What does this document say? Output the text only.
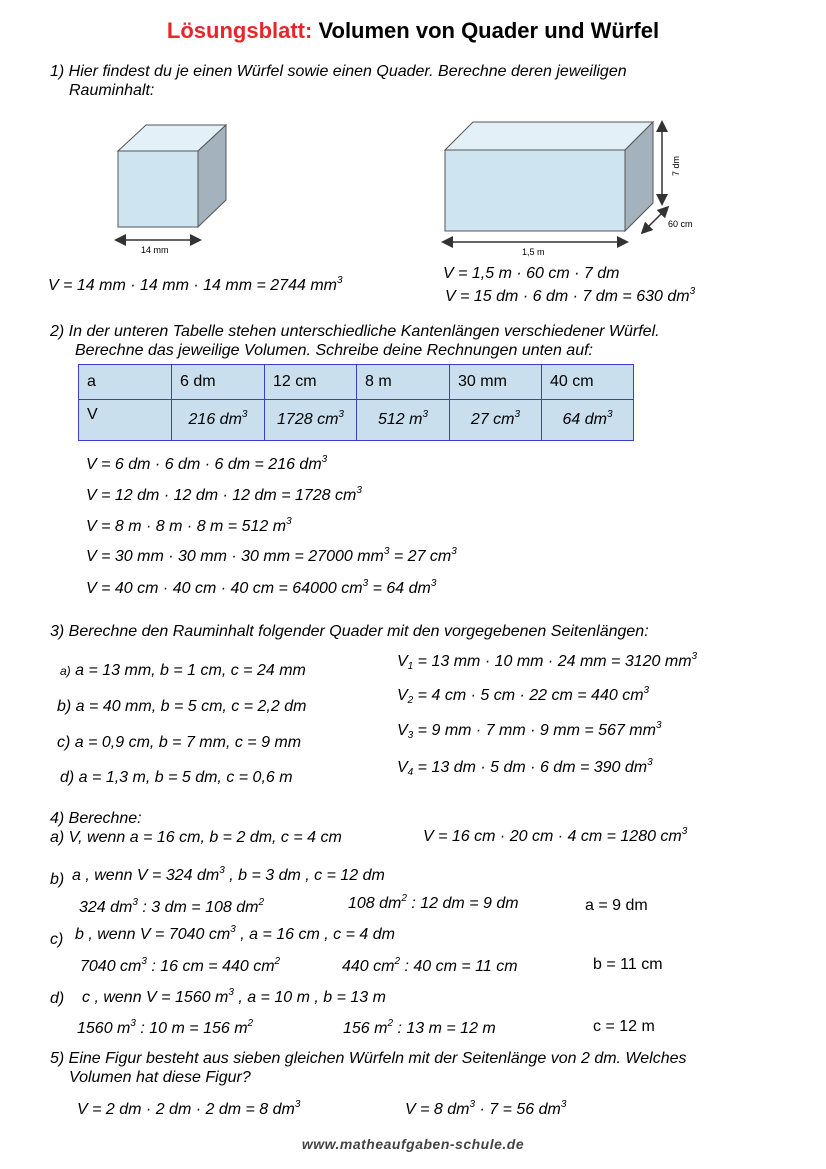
Lösungsblatt: Volumen von Quader und Würfel
1) Hier findest du je einen Würfel sowie einen Quader. Berechne deren jeweiligen
Rauminhalt:
14 mm	1,5 m
7 dm
60 cm
V = 14 mm · 14 mm · 14 mm = 2744 $mm^3$	V = 1,5 m · 60 cm · 7 dm
V = 15 dm · 6 dm · 7 dm = 630 $dm^3$
2) In der unteren Tabelle stehen unterschiedliche Kantenlängen verschiedener Würfel.
Berechne das jeweilige Volumen. Schreibe deine Rechnungen unten auf:
a	6 dm	12 cm	8 m	30 mm	40 cm
V	216 $dm^3$	1728 $cm^3$	512 $m^3$	27 $cm^3$	64 $dm^3$
V = 6 dm · 6 dm · 6 dm = 216 $dm^3$
V = 12 dm · 12 dm · 12 dm = 1728 $cm^3$
V = 8 m · 8 m · 8 m = 512 $m^3$
V = 30 mm · 30 mm · 30 mm = 27000 $mm^3 = 27$ $cm^3$
V = 40 cm · 40 cm · 40 cm = 64000 $cm^3 = 64$ $dm^3$
3) Berechne den Rauminhalt folgender Quader mit den vorgegebenen Seitenlängen:
a) a = 13 mm, b = 1 cm, c = 24 mm
b) a = 40 mm, b = 5 cm, c = 2,2 dm
c) a = 0,9 cm, b = 7 mm, c = 9 mm
d) a = 1,3 m, b = 5 dm, c = 0,6 m
$V_1 = 13$ mm · 10 mm · 24 mm = 3120 $mm^3$
$V_2 = 4$ cm · 5 cm · 22 cm = 440 $cm^3$
$V_3 = 9$ mm · 7 mm · 9 mm = 567 $mm^3$
$V_4 = 13$ dm · 5 dm · 6 dm = 390 $dm^3$
4) Berechne:
a) V, wenn a = 16 cm, b = 2 dm, c = 4 cm	V = 16 cm · 20 cm · 4 cm = 1280 $cm^3$
b) a , wenn V = 324 $dm^3$ , b = 3 dm , c = 12 dm
324 $dm^3$ : 3 dm = 108 $dm^2$	108 $dm^2$ : 12 dm = 9 dm	a = 9 dm
c) b , wenn V = 7040 $cm^3$ , a = 16 cm , c = 4 dm
7040 $cm^3$ : 16 cm = 440 $cm^2$	440 $cm^2$ : 40 cm = 11 cm	b = 11 cm
d) c , wenn V = 1560 $m^3$ , a = 10 m , b = 13 m
1560 $m^3$ : 10 m = 156 $m^2$	156 $m^2$ : 13 m = 12 m	c = 12 m
5) Eine Figur besteht aus sieben gleichen Würfeln mit der Seitenlänge von 2 dm. Welches
Volumen hat diese Figur?
V = 2 dm · 2 dm · 2 dm = 8 $dm^3$	V = 8 $dm^3 \cdot 7 = 56$ $dm^3$
www.matheaufgaben-schule.de
